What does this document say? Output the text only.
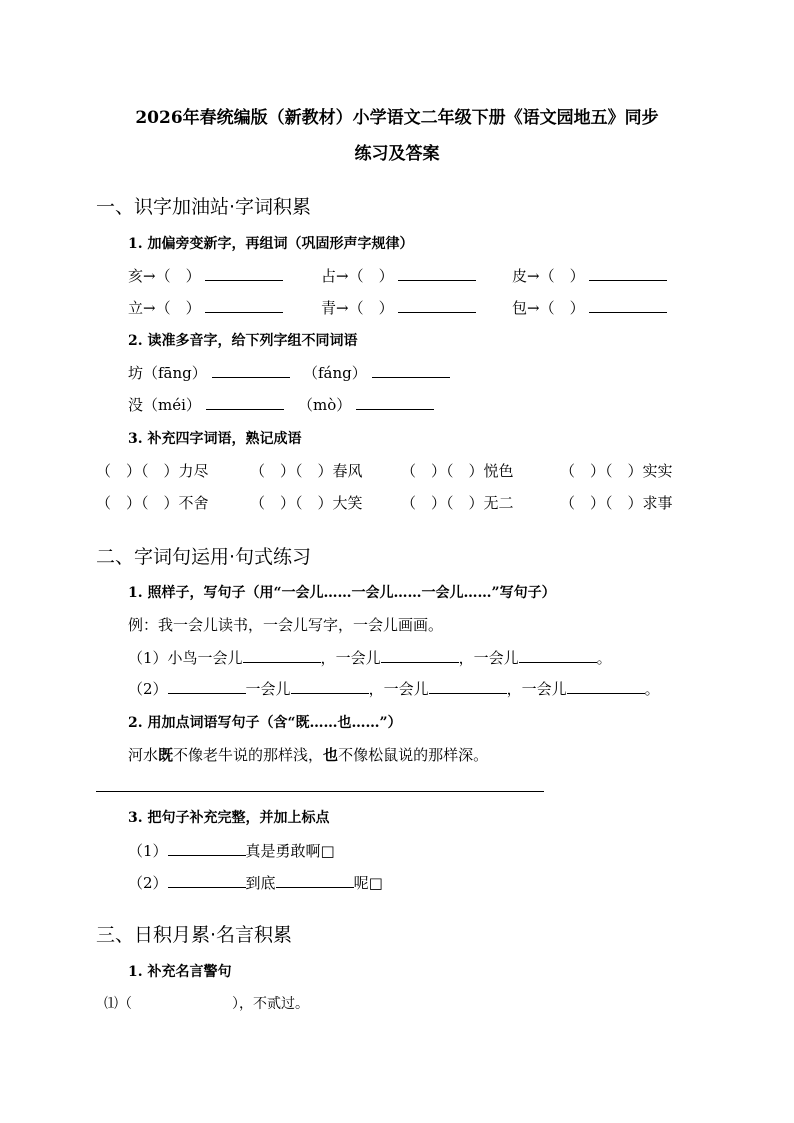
2026年春统编版（新教材）小学语文二年级下册《语文园地五》同步
练习及答案
一、识字加油站·字词积累
1. 加偏旁变新字，再组词（巩固形声字规律）
亥→（　）	占→（　）	皮→（　）
立→（　）	青→（　）	包→（　）
2. 读准多音字，给下列字组不同词语
坊（fāng）	（fáng）
没（méi）	（mò）
3. 补充四字词语，熟记成语
（　）（　）力尽	（　）（　）春风	（　）（　）悦色	（　）（　）实实
（　）（　）不舍	（　）（　）大笑	（　）（　）无二	（　）（　）求事
二、字词句运用·句式练习
1. 照样子，写句子（用“一会儿……一会儿……一会儿……”写句子）
例：我一会儿读书，一会儿写字，一会儿画画。
（1）小鸟一会儿	，一会儿	，一会儿	。
（2）	一会儿	，一会儿	，一会儿	。
2. 用加点词语写句子（含“既……也……”）
河水既不像老牛说的那样浅，也不像松鼠说的那样深。
3. 把句子补充完整，并加上标点
（1）	真是勇敢啊□
（2）	到底	呢□
三、日积月累·名言积累
1. 补充名言警句
⑴（	），不贰过。
